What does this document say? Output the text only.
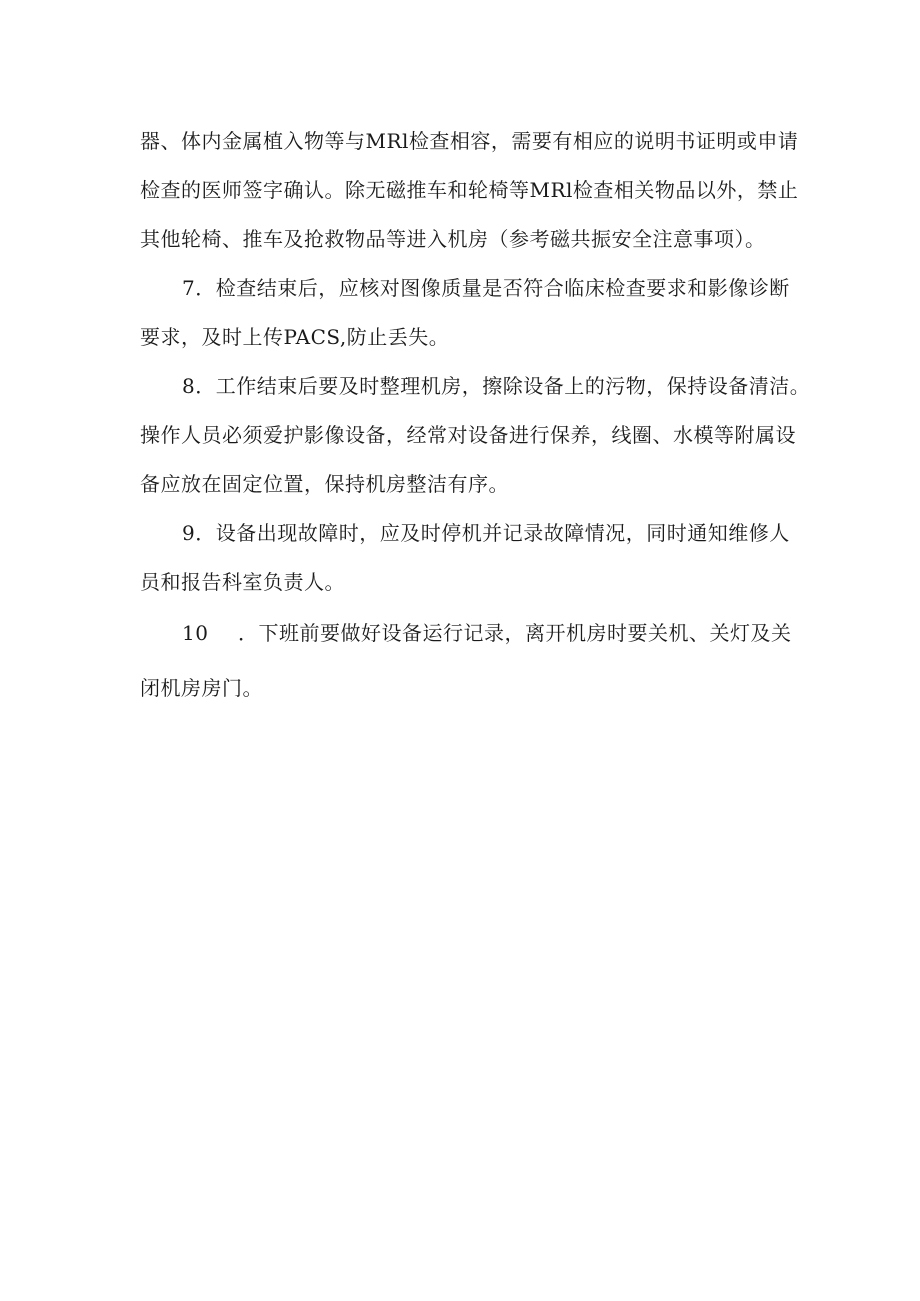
器、体内金属植入物等与MRl检查相容，需要有相应的说明书证明或申请
检查的医师签字确认。除无磁推车和轮椅等MRl检查相关物品以外，禁止
其他轮椅、推车及抢救物品等进入机房（参考磁共振安全注意事项）。
7．检查结束后，应核对图像质量是否符合临床检查要求和影像诊断
要求，及时上传PACS,防止丢失。
8．工作结束后要及时整理机房，擦除设备上的污物，保持设备清洁。
操作人员必须爱护影像设备，经常对设备进行保养，线圈、水模等附属设
备应放在固定位置，保持机房整洁有序。
9．设备出现故障时，应及时停机并记录故障情况，同时通知维修人
员和报告科室负责人。
10 ．下班前要做好设备运行记录，离开机房时要关机、关灯及关
闭机房房门。
